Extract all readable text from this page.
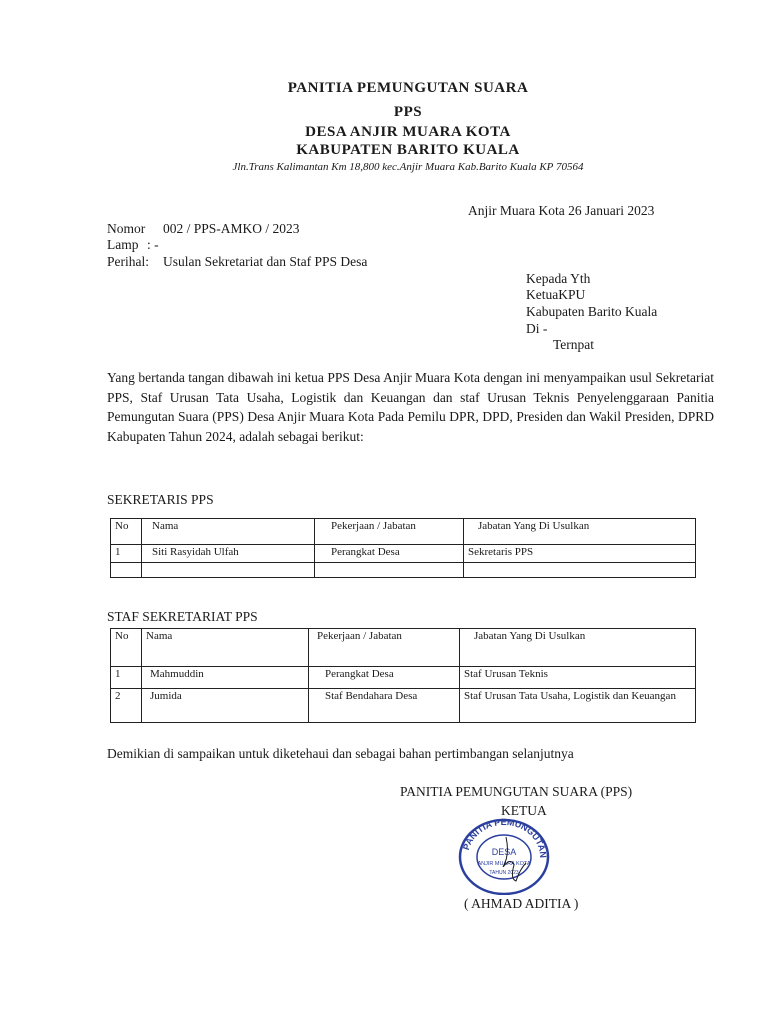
PANITIA PEMUNGUTAN SUARA
PPS
DESA ANJIR MUARA KOTA
KABUPATEN BARITO KUALA
Jln.Trans Kalimantan Km 18,800 kec.Anjir Muara Kab.Barito Kuala KP 70564
Anjir Muara Kota 26 Januari 2023
Nomor 002 / PPS-AMKO / 2023
Lamp : -
Perihal: Usulan Sekretariat dan Staf PPS Desa
Kepada Yth
KetuaKPU
Kabupaten Barito Kuala
Di -
Ternpat
Yang bertanda tangan dibawah ini ketua PPS Desa Anjir Muara Kota dengan ini menyampaikan usul Sekretariat PPS, Staf Urusan Tata Usaha, Logistik dan Keuangan dan staf Urusan Teknis Penyelenggaraan Panitia Pemungutan Suara (PPS) Desa Anjir Muara Kota Pada Pemilu DPR, DPD, Presiden dan Wakil Presiden, DPRD Kabupaten Tahun 2024, adalah sebagai berikut:
SEKRETARIS PPS
No	Nama	Pekerjaan / Jabatan	Jabatan Yang Di Usulkan
1	Siti Rasyidah Ulfah	Perangkat Desa	Sekretaris PPS

STAF SEKRETARIAT PPS
No	Nama	Pekerjaan / Jabatan	Jabatan Yang Di Usulkan
1	Mahmuddin	Perangkat Desa	Staf Urusan Teknis
2	Jumida	Staf Bendahara Desa	Staf Urusan Tata Usaha, Logistik dan Keuangan
Demikian di sampaikan untuk diketehaui dan sebagai bahan pertimbangan selanjutnya
PANITIA PEMUNGUTAN SUARA (PPS)
KETUA
PANITIA PEMUNGUTAN
DESA
ANJIR MUARA KOTA
TAHUN 2023
( AHMAD ADITIA )
